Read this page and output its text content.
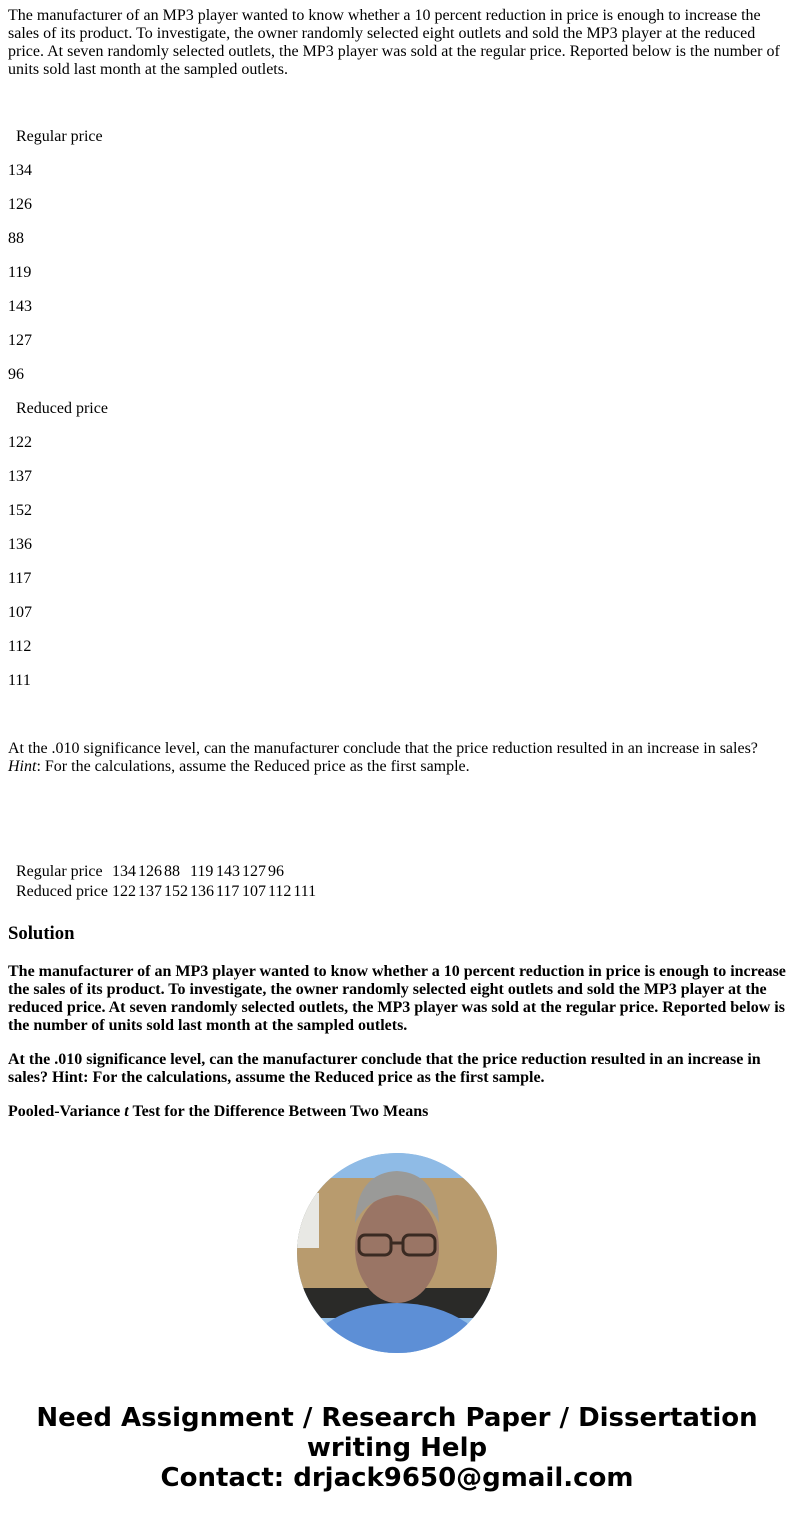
The manufacturer of an MP3 player wanted to know whether a 10 percent reduction in price is enough to increase the sales of its product. To investigate, the owner randomly selected eight outlets and sold the MP3 player at the reduced price. At seven randomly selected outlets, the MP3 player was sold at the regular price. Reported below is the number of units sold last month at the sampled outlets.

Regular price

134

126

88

119

143

127

96

Reduced price

122

137

152

136

117

107

112

111

At the .010 significance level, can the manufacturer conclude that the price reduction resulted in an increase in sales? Hint: For the calculations, assume the Reduced price as the first sample.

Regular price	134	126	88	119	143	127	96	
Reduced price	122	137	152	136	117	107	112	111
Solution

The manufacturer of an MP3 player wanted to know whether a 10 percent reduction in price is enough to increase the sales of its product. To investigate, the owner randomly selected eight outlets and sold the MP3 player at the reduced price. At seven randomly selected outlets, the MP3 player was sold at the regular price. Reported below is the number of units sold last month at the sampled outlets.

At the .010 significance level, can the manufacturer conclude that the price reduction resulted in an increase in sales? Hint: For the calculations, assume the Reduced price as the first sample.

Pooled-Variance t Test for the Difference Between Two Means

Need Assignment / Research Paper / Dissertation
writing Help
Contact: drjack9650@gmail.com
